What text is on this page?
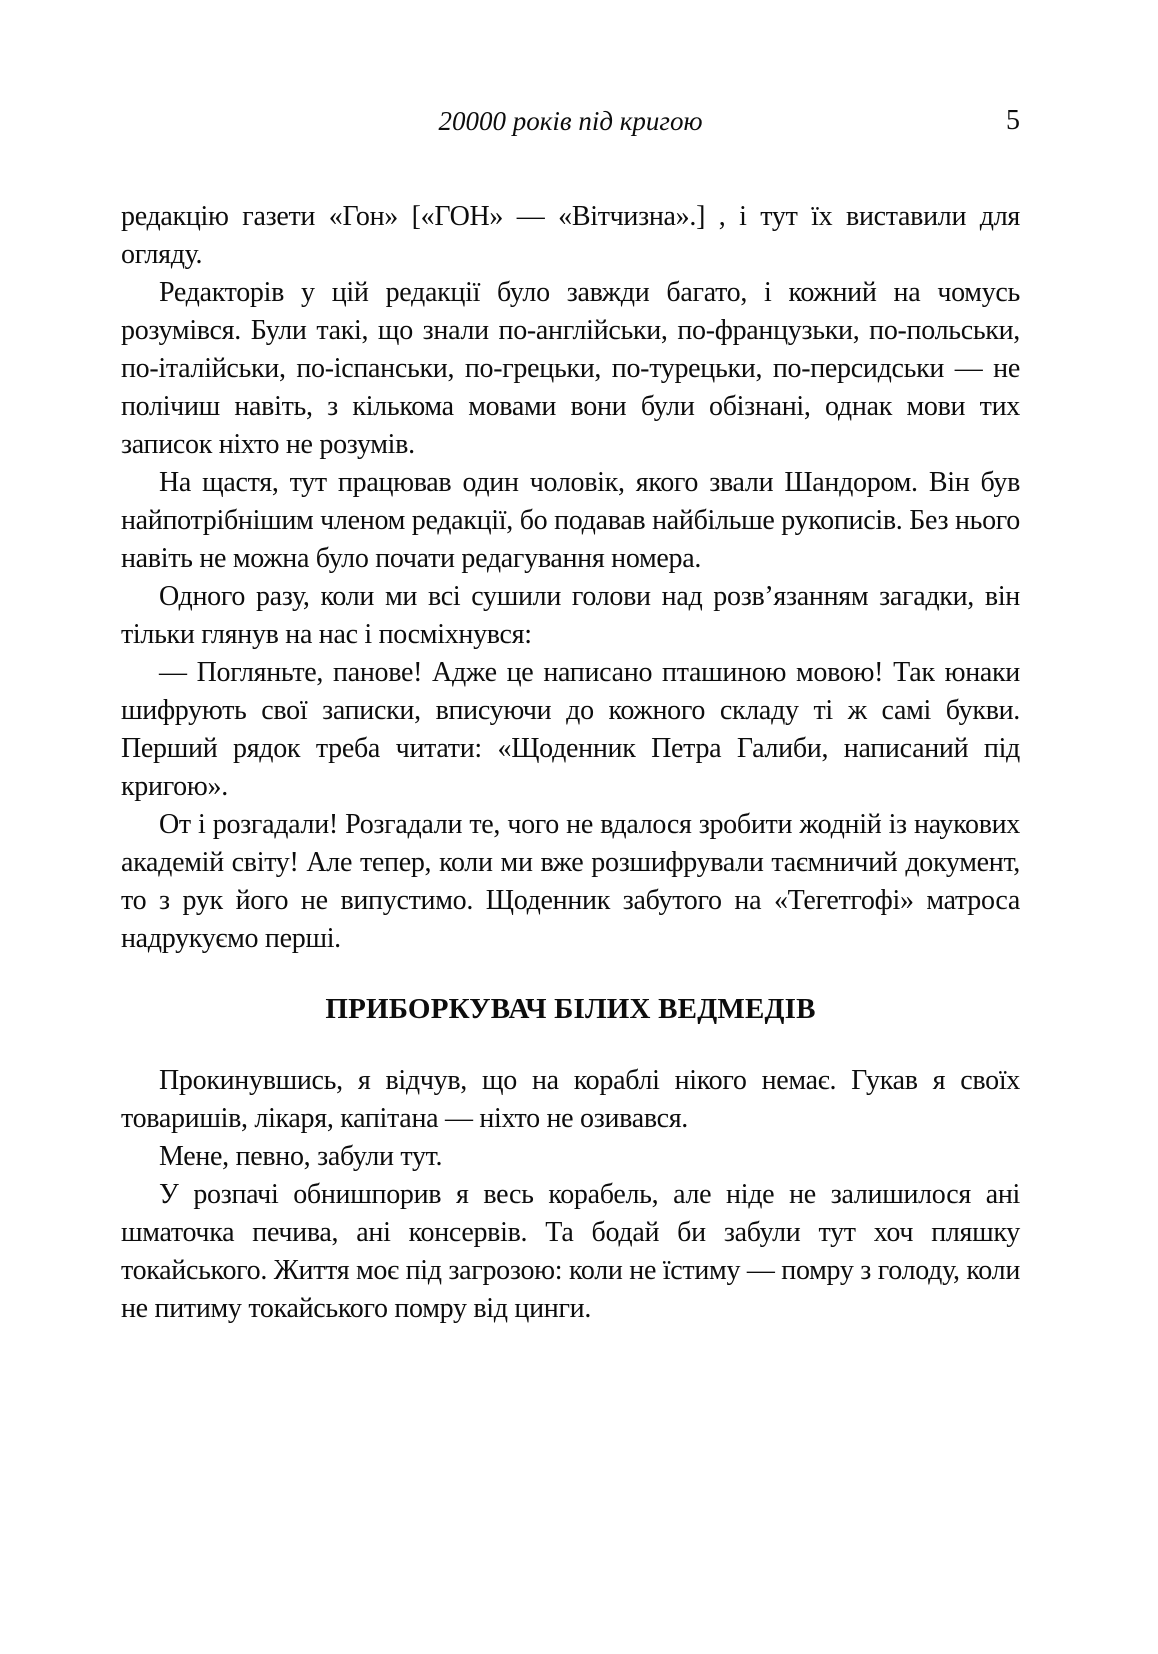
20000 років під кригою	5

редакцію газети «Гон» [«ГОН» — «Вітчизна».] , і тут їх виставили для огляду.

Редакторів у цій редакції було завжди багато, і кожний на чомусь розумівся. Були такі, що знали по-англійськи, по-французьки, по-польськи, по-італійськи, по-іспанськи, по-грецьки, по-турецьки, по-персидськи — не полічиш навіть, з кількома мовами вони були обізнані, однак мови тих записок ніхто не розумів.

На щастя, тут працював один чоловік, якого звали Шандором. Він був найпотрібнішим членом редакції, бо подавав найбільше рукописів. Без нього навіть не можна було почати редагування номера.

Одного разу, коли ми всі сушили голови над розв’язанням загадки, він тільки глянув на нас і посміхнувся:

— Погляньте, панове! Адже це написано пташиною мовою! Так юнаки шифрують свої записки, вписуючи до кожного складу ті ж самі букви. Перший рядок треба читати: «Щоденник Петра Галиби, написаний під кригою».

От і розгадали! Розгадали те, чого не вдалося зробити жодній із наукових академій світу! Але тепер, коли ми вже розшифрували таємничий документ, то з рук його не випустимо. Щоденник забутого на «Тегетгофі» матроса надрукуємо перші.

ПРИБОРКУВАЧ БІЛИХ ВЕДМЕДІВ

Прокинувшись, я відчув, що на кораблі нікого немає. Гукав я своїх товаришів, лікаря, капітана — ніхто не озивався.

Мене, певно, забули тут.

У розпачі обнишпорив я весь корабель, але ніде не залишилося ані шматочка печива, ані консервів. Та бодай би забули тут хоч пляшку токайського. Життя моє під загрозою: коли не їстиму — помру з голоду, коли не питиму токайського помру від цинги.
